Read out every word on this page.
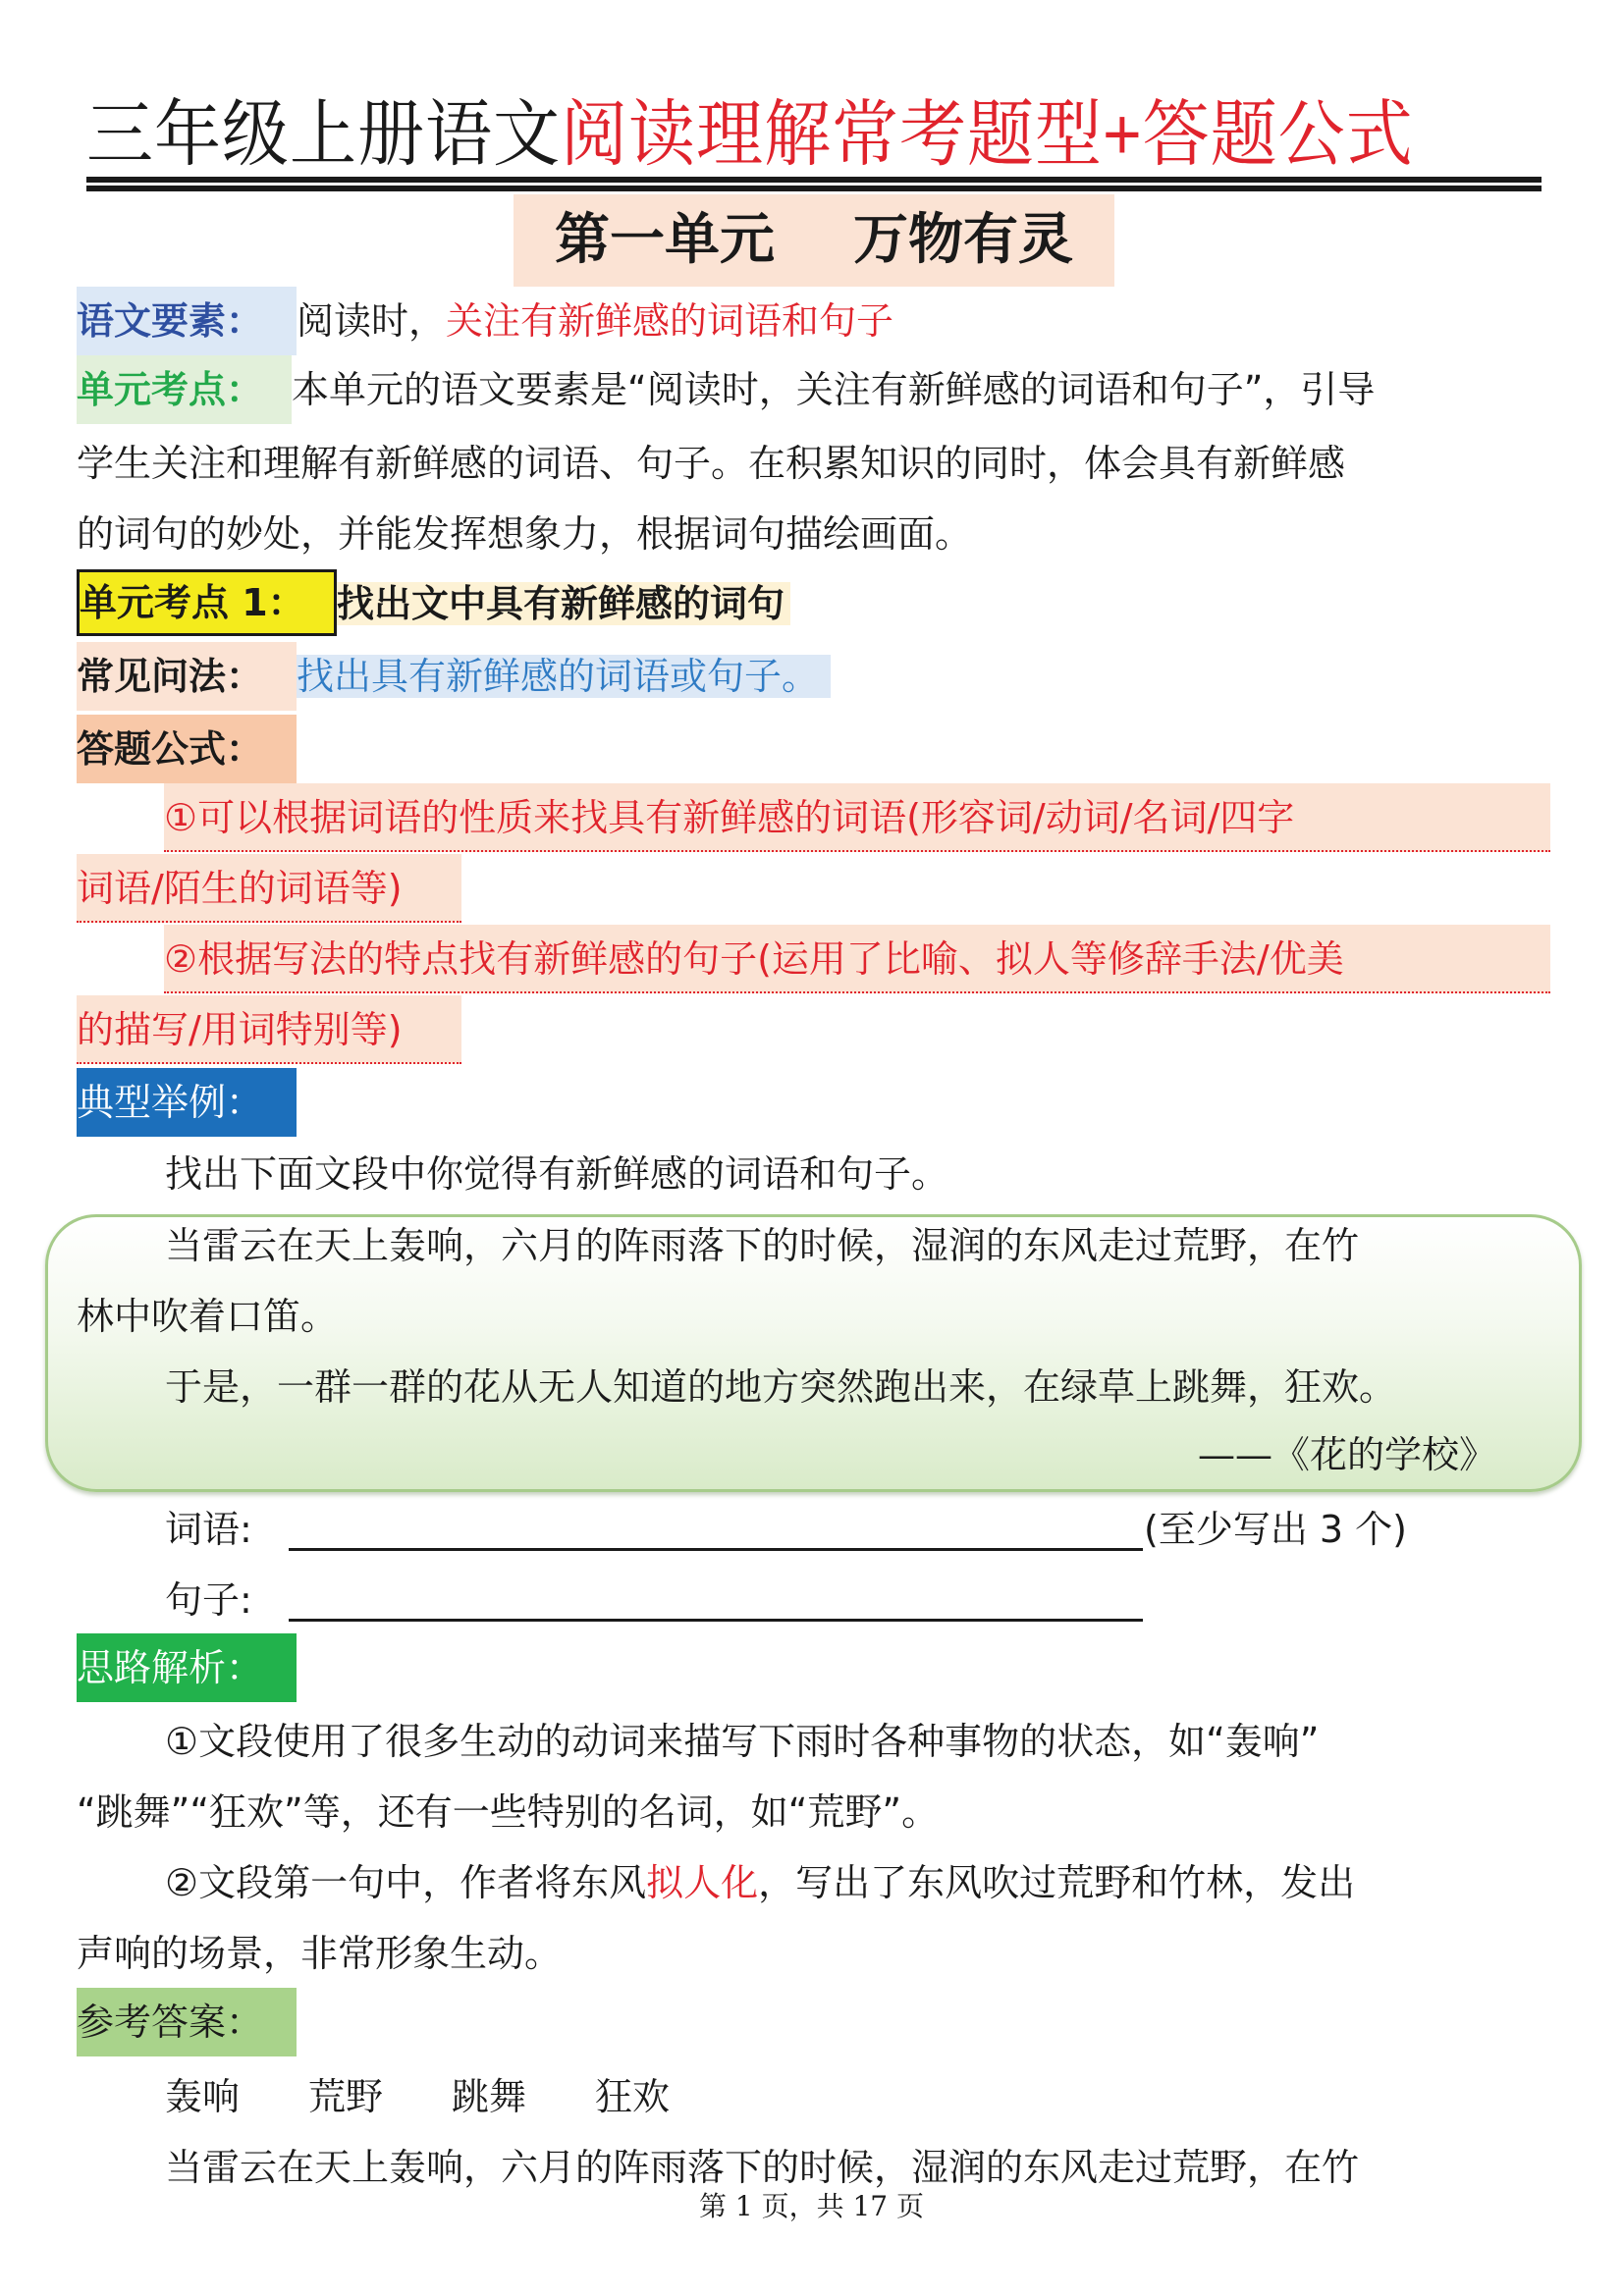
三年级上册语文阅读理解常考题型+答题公式
第一单元 万物有灵
语文要素： 阅读时，关注有新鲜感的词语和句子
单元考点： 本单元的语文要素是“阅读时，关注有新鲜感的词语和句子”，引导
学生关注和理解有新鲜感的词语、句子。在积累知识的同时，体会具有新鲜感
的词句的妙处，并能发挥想象力，根据词句描绘画面。
单元考点 1： 找出文中具有新鲜感的词句
常见问法： 找出具有新鲜感的词语或句子。
答题公式：
①可以根据词语的性质来找具有新鲜感的词语(形容词/动词/名词/四字
词语/陌生的词语等)
②根据写法的特点找有新鲜感的句子(运用了比喻、拟人等修辞手法/优美
的描写/用词特别等)
典型举例：
找出下面文段中你觉得有新鲜感的词语和句子。
当雷云在天上轰响，六月的阵雨落下的时候，湿润的东风走过荒野，在竹
林中吹着口笛。
于是，一群一群的花从无人知道的地方突然跑出来，在绿草上跳舞，狂欢。
——《花的学校》
词语:	(至少写出 3 个)
句子:
思路解析：
①文段使用了很多生动的动词来描写下雨时各种事物的状态，如“轰响”
“跳舞”“狂欢”等，还有一些特别的名词，如“荒野”。
②文段第一句中，作者将东风拟人化，写出了东风吹过荒野和竹林，发出
声响的场景，非常形象生动。
参考答案：
轰响 荒野 跳舞 狂欢
当雷云在天上轰响，六月的阵雨落下的时候，湿润的东风走过荒野，在竹
第 1 页，共 17 页
